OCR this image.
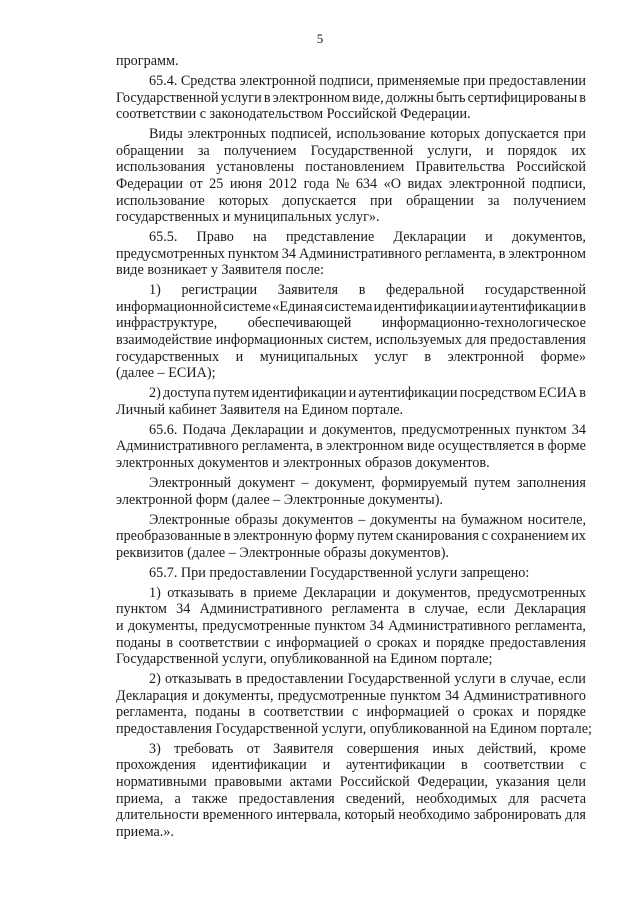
5
программ.
65.4. Средства электронной подписи, применяемые при предоставлении
Государственной услуги в электронном виде, должны быть сертифицированы в
соответствии с законодательством Российской Федерации.
Виды электронных подписей, использование которых допускается при
обращении за получением Государственной услуги, и порядок их
использования установлены постановлением Правительства Российской
Федерации от 25 июня 2012 года № 634 «О видах электронной подписи,
использование которых допускается при обращении за получением
государственных и муниципальных услуг».
65.5. Право на представление Декларации и документов,
предусмотренных пунктом 34 Административного регламента, в электронном
виде возникает у Заявителя после:
1) регистрации Заявителя в федеральной государственной
информационной системе «Единая система идентификации и аутентификации в
инфраструктуре, обеспечивающей информационно-технологическое
взаимодействие информационных систем, используемых для предоставления
государственных и муниципальных услуг в электронной форме»
(далее – ЕСИА);
2) доступа путем идентификации и аутентификации посредством ЕСИА в
Личный кабинет Заявителя на Едином портале.
65.6. Подача Декларации и документов, предусмотренных пунктом 34
Административного регламента, в электронном виде осуществляется в форме
электронных документов и электронных образов документов.
Электронный документ – документ, формируемый путем заполнения
электронной форм (далее – Электронные документы).
Электронные образы документов – документы на бумажном носителе,
преобразованные в электронную форму путем сканирования с сохранением их
реквизитов (далее – Электронные образы документов).
65.7. При предоставлении Государственной услуги запрещено:
1) отказывать в приеме Декларации и документов, предусмотренных
пунктом 34 Административного регламента в случае, если Декларация
и документы, предусмотренные пунктом 34 Административного регламента,
поданы в соответствии с информацией о сроках и порядке предоставления
Государственной услуги, опубликованной на Едином портале;
2) отказывать в предоставлении Государственной услуги в случае, если
Декларация и документы, предусмотренные пунктом 34 Административного
регламента, поданы в соответствии с информацией о сроках и порядке
предоставления Государственной услуги, опубликованной на Едином портале;
3) требовать от Заявителя совершения иных действий, кроме
прохождения идентификации и аутентификации в соответствии с
нормативными правовыми актами Российской Федерации, указания цели
приема, а также предоставления сведений, необходимых для расчета
длительности временного интервала, который необходимо забронировать для
приема.».
